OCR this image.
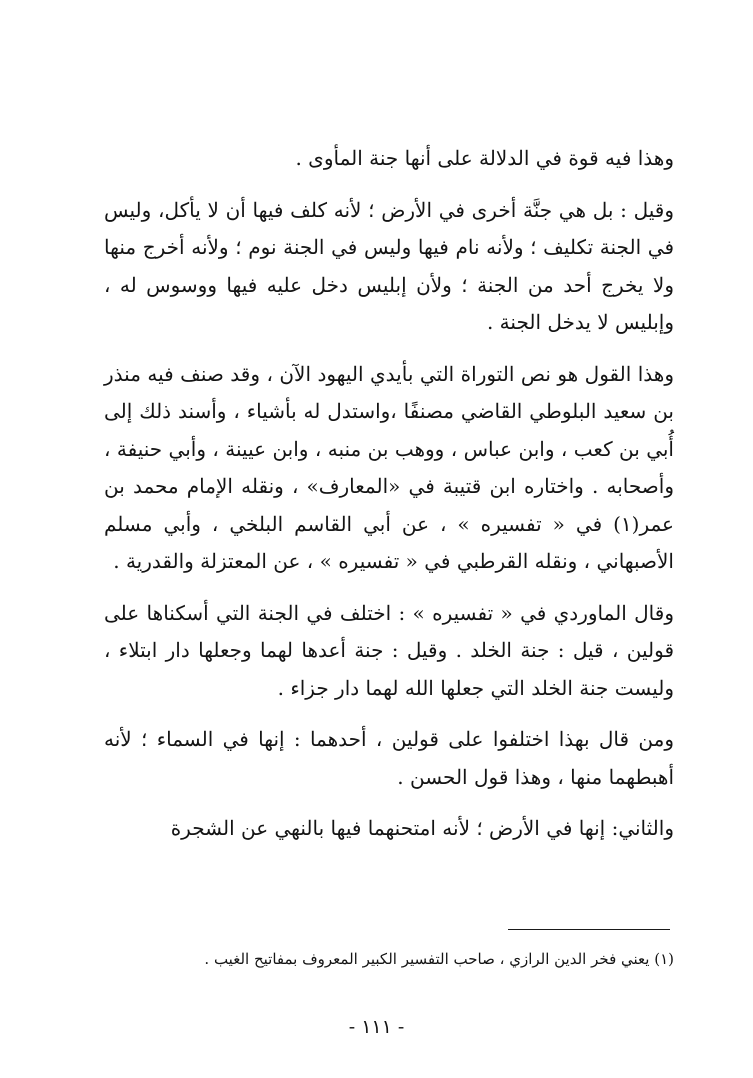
وهذا فيه قوة في الدلالة على أنها جنة المأوى .

وقيل : بل هي جنَّة أخرى في الأرض ؛ لأنه كلف فيها أن لا يأكل، وليس في الجنة تكليف ؛ ولأنه نام فيها وليس في الجنة نوم ؛ ولأنه أخرج منها ولا يخرج أحد من الجنة ؛ ولأن إبليس دخل عليه فيها ووسوس له ، وإبليس لا يدخل الجنة .

وهذا القول هو نص التوراة التي بأيدي اليهود الآن ، وقد صنف فيه منذر بن سعيد البلوطي القاضي مصنفًا ،واستدل له بأشياء ، وأسند ذلك إلى أُبي بن كعب ، وابن عباس ، ووهب بن منبه ، وابن عيينة ، وأبي حنيفة ، وأصحابه . واختاره ابن قتيبة في «المعارف» ، ونقله الإمام محمد بن عمر(١) في « تفسيره » ، عن أبي القاسم البلخي ، وأبي مسلم الأصبهاني ، ونقله القرطبي في « تفسيره » ، عن المعتزلة والقدرية .

وقال الماوردي في « تفسيره » : اختلف في الجنة التي أسكناها على قولين ، قيل : جنة الخلد . وقيل : جنة أعدها لهما وجعلها دار ابتلاء ، وليست جنة الخلد التي جعلها الله لهما دار جزاء .

ومن قال بهذا اختلفوا على قولين ، أحدهما : إنها في السماء ؛ لأنه أهبطهما منها ، وهذا قول الحسن .

والثاني: إنها في الأرض ؛ لأنه امتحنهما فيها بالنهي عن الشجرة

(١) يعني فخر الدين الرازي ، صاحب التفسير الكبير المعروف بمفاتيح الغيب .

- ١١١ -
